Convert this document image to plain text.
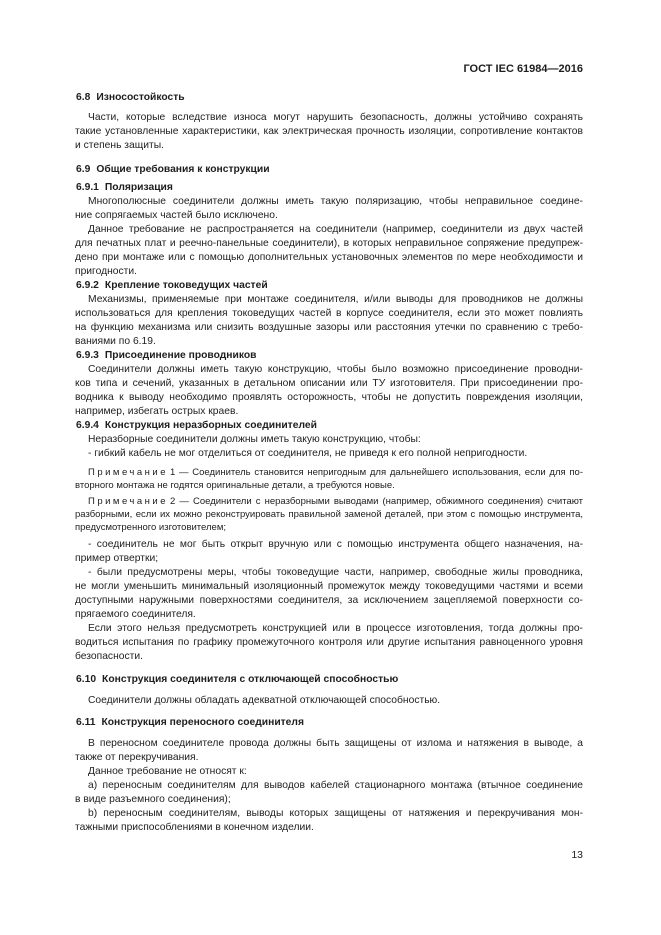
ГОСТ IEC 61984—2016
6.8 Износостойкость
Части, которые вследствие износа могут нарушить безопасность, должны устойчиво сохранять
такие установленные характеристики, как электрическая прочность изоляции, сопротивление контактов
и степень защиты.
6.9 Общие требования к конструкции
6.9.1 Поляризация
Многополюсные соединители должны иметь такую поляризацию, чтобы неправильное соедине-
ние сопрягаемых частей было исключено.
Данное требование не распространяется на соединители (например, соединители из двух частей
для печатных плат и реечно-панельные соединители), в которых неправильное сопряжение предупреж-
дено при монтаже или с помощью дополнительных установочных элементов по мере необходимости и
пригодности.
6.9.2 Крепление токоведущих частей
Механизмы, применяемые при монтаже соединителя, и/или выводы для проводников не должны
использоваться для крепления токоведущих частей в корпусе соединителя, если это может повлиять
на функцию механизма или снизить воздушные зазоры или расстояния утечки по сравнению с требо-
ваниями по 6.19.
6.9.3 Присоединение проводников
Соединители должны иметь такую конструкцию, чтобы было возможно присоединение проводни-
ков типа и сечений, указанных в детальном описании или ТУ изготовителя. При присоединении про-
водника к выводу необходимо проявлять осторожность, чтобы не допустить повреждения изоляции,
например, избегать острых краев.
6.9.4 Конструкция неразборных соединителей
Неразборные соединители должны иметь такую конструкцию, чтобы:
- гибкий кабель не мог отделиться от соединителя, не приведя к его полной непригодности.
Примечание 1 — Соединитель становится непригодным для дальнейшего использования, если для по-
вторного монтажа не годятся оригинальные детали, а требуются новые.
Примечание 2 — Соединители с неразборными выводами (например, обжимного соединения) считают
разборными, если их можно реконструировать правильной заменой деталей, при этом с помощью инструмента,
предусмотренного изготовителем;
- соединитель не мог быть открыт вручную или с помощью инструмента общего назначения, на-
пример отвертки;
- были предусмотрены меры, чтобы токоведущие части, например, свободные жилы проводника,
не могли уменьшить минимальный изоляционный промежуток между токоведущими частями и всеми
доступными наружными поверхностями соединителя, за исключением зацепляемой поверхности со-
прягаемого соединителя.
Если этого нельзя предусмотреть конструкцией или в процессе изготовления, тогда должны про-
водиться испытания по графику промежуточного контроля или другие испытания равноценного уровня
безопасности.
6.10 Конструкция соединителя с отключающей способностью
Соединители должны обладать адекватной отключающей способностью.
6.11 Конструкция переносного соединителя
В переносном соединителе провода должны быть защищены от излома и натяжения в выводе, а
также от перекручивания.
Данное требование не относят к:
а) переносным соединителям для выводов кабелей стационарного монтажа (втычное соединение
в виде разъемного соединения);
b) переносным соединителям, выводы которых защищены от натяжения и перекручивания мон-
тажными приспособлениями в конечном изделии.
13
